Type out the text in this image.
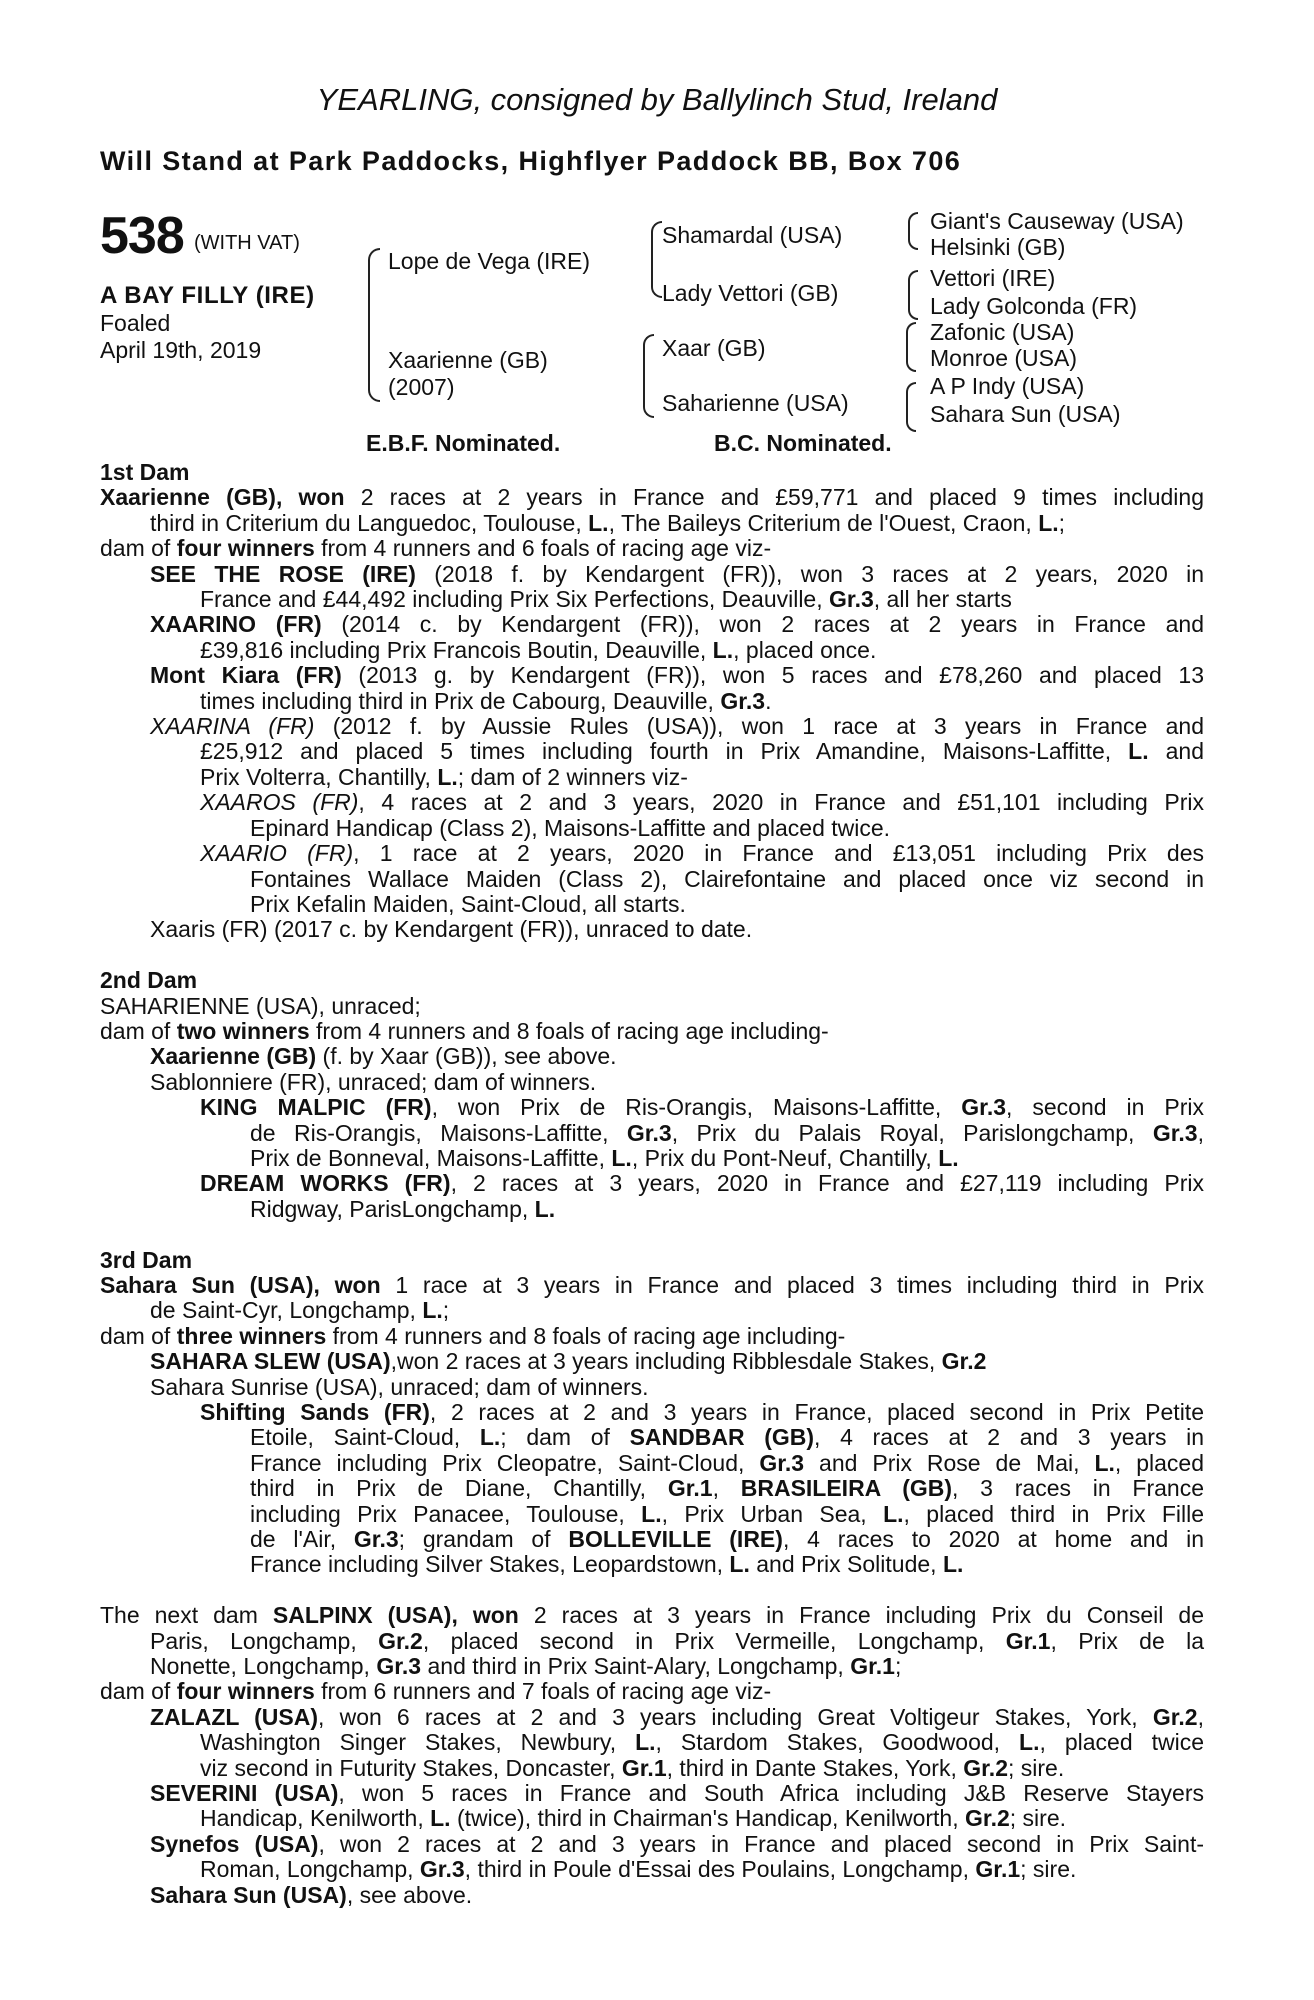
YEARLING, consigned by Ballylinch Stud, Ireland
Will Stand at Park Paddocks, Highflyer Paddock BB, Box 706
538 (WITH VAT)
A BAY FILLY (IRE)
Foaled
April 19th, 2019
Lope de Vega (IRE)
Xaarienne (GB)
(2007)
Shamardal (USA)
Lady Vettori (GB)
Xaar (GB)
Saharienne (USA)
Giant's Causeway (USA)
Helsinki (GB)
Vettori (IRE)
Lady Golconda (FR)
Zafonic (USA)
Monroe (USA)
A P Indy (USA)
Sahara Sun (USA)
E.B.F. Nominated.	B.C. Nominated.
1st Dam
Xaarienne (GB), won 2 races at 2 years in France and £59,771 and placed 9 times including
third in Criterium du Languedoc, Toulouse, L., The Baileys Criterium de l'Ouest, Craon, L.;
dam of four winners from 4 runners and 6 foals of racing age viz-
SEE THE ROSE (IRE) (2018 f. by Kendargent (FR)), won 3 races at 2 years, 2020 in
France and £44,492 including Prix Six Perfections, Deauville, Gr.3, all her starts
XAARINO (FR) (2014 c. by Kendargent (FR)), won 2 races at 2 years in France and
£39,816 including Prix Francois Boutin, Deauville, L., placed once.
Mont Kiara (FR) (2013 g. by Kendargent (FR)), won 5 races and £78,260 and placed 13
times including third in Prix de Cabourg, Deauville, Gr.3.
XAARINA (FR) (2012 f. by Aussie Rules (USA)), won 1 race at 3 years in France and
£25,912 and placed 5 times including fourth in Prix Amandine, Maisons-Laffitte, L. and
Prix Volterra, Chantilly, L.; dam of 2 winners viz-
XAAROS (FR), 4 races at 2 and 3 years, 2020 in France and £51,101 including Prix
Epinard Handicap (Class 2), Maisons-Laffitte and placed twice.
XAARIO (FR), 1 race at 2 years, 2020 in France and £13,051 including Prix des
Fontaines Wallace Maiden (Class 2), Clairefontaine and placed once viz second in
Prix Kefalin Maiden, Saint-Cloud, all starts.
Xaaris (FR) (2017 c. by Kendargent (FR)), unraced to date.
2nd Dam
SAHARIENNE (USA), unraced;
dam of two winners from 4 runners and 8 foals of racing age including-
Xaarienne (GB) (f. by Xaar (GB)), see above.
Sablonniere (FR), unraced; dam of winners.
KING MALPIC (FR), won Prix de Ris-Orangis, Maisons-Laffitte, Gr.3, second in Prix
de Ris-Orangis, Maisons-Laffitte, Gr.3, Prix du Palais Royal, Parislongchamp, Gr.3,
Prix de Bonneval, Maisons-Laffitte, L., Prix du Pont-Neuf, Chantilly, L.
DREAM WORKS (FR), 2 races at 3 years, 2020 in France and £27,119 including Prix
Ridgway, ParisLongchamp, L.
3rd Dam
Sahara Sun (USA), won 1 race at 3 years in France and placed 3 times including third in Prix
de Saint-Cyr, Longchamp, L.;
dam of three winners from 4 runners and 8 foals of racing age including-
SAHARA SLEW (USA),won 2 races at 3 years including Ribblesdale Stakes, Gr.2
Sahara Sunrise (USA), unraced; dam of winners.
Shifting Sands (FR), 2 races at 2 and 3 years in France, placed second in Prix Petite
Etoile, Saint-Cloud, L.; dam of SANDBAR (GB), 4 races at 2 and 3 years in
France including Prix Cleopatre, Saint-Cloud, Gr.3 and Prix Rose de Mai, L., placed
third in Prix de Diane, Chantilly, Gr.1, BRASILEIRA (GB), 3 races in France
including Prix Panacee, Toulouse, L., Prix Urban Sea, L., placed third in Prix Fille
de l'Air, Gr.3; grandam of BOLLEVILLE (IRE), 4 races to 2020 at home and in
France including Silver Stakes, Leopardstown, L. and Prix Solitude, L.
The next dam SALPINX (USA), won 2 races at 3 years in France including Prix du Conseil de
Paris, Longchamp, Gr.2, placed second in Prix Vermeille, Longchamp, Gr.1, Prix de la
Nonette, Longchamp, Gr.3 and third in Prix Saint-Alary, Longchamp, Gr.1;
dam of four winners from 6 runners and 7 foals of racing age viz-
ZALAZL (USA), won 6 races at 2 and 3 years including Great Voltigeur Stakes, York, Gr.2,
Washington Singer Stakes, Newbury, L., Stardom Stakes, Goodwood, L., placed twice
viz second in Futurity Stakes, Doncaster, Gr.1, third in Dante Stakes, York, Gr.2; sire.
SEVERINI (USA), won 5 races in France and South Africa including J&B Reserve Stayers
Handicap, Kenilworth, L. (twice), third in Chairman's Handicap, Kenilworth, Gr.2; sire.
Synefos (USA), won 2 races at 2 and 3 years in France and placed second in Prix Saint-
Roman, Longchamp, Gr.3, third in Poule d'Essai des Poulains, Longchamp, Gr.1; sire.
Sahara Sun (USA), see above.
